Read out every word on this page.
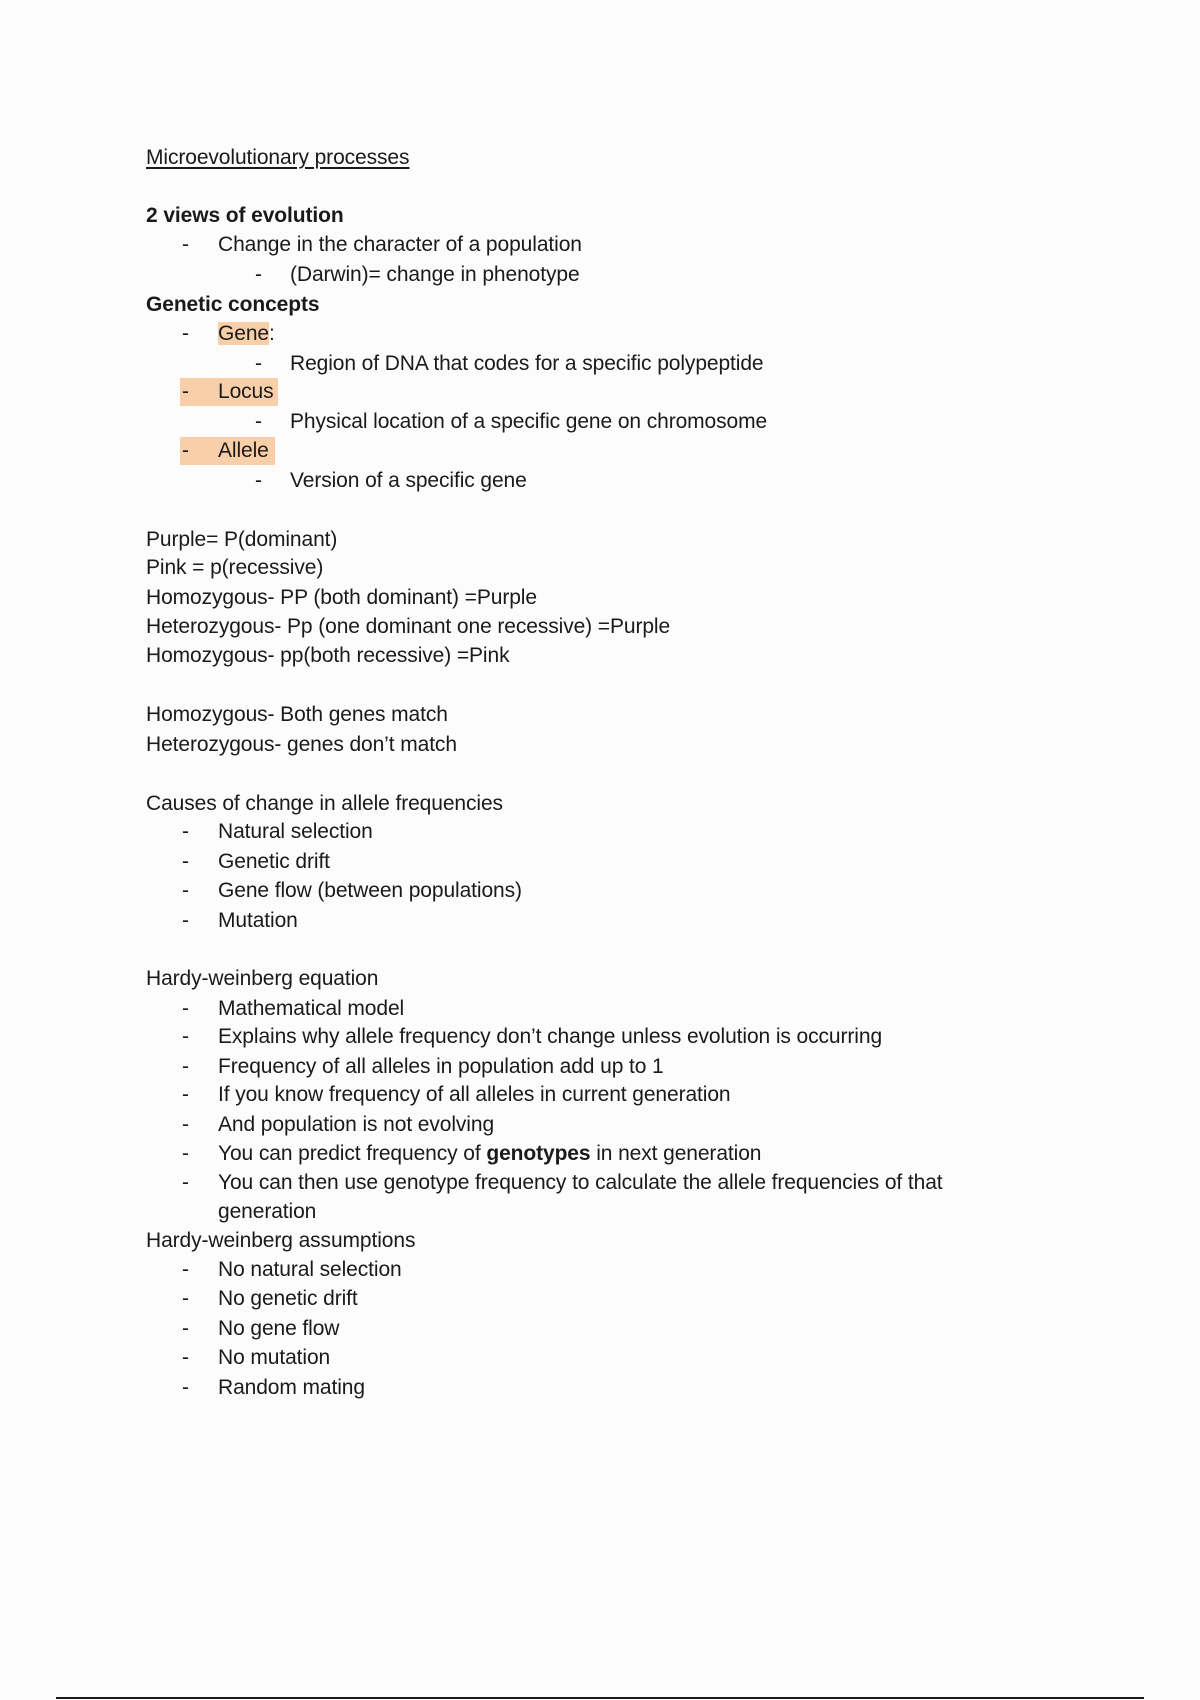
Microevolutionary processes
2 views of evolution
- Change in the character of a population
- (Darwin)= change in phenotype
Genetic concepts
- Gene:
- Region of DNA that codes for a specific polypeptide
- Locus
- Physical location of a specific gene on chromosome
- Allele
- Version of a specific gene
Purple= P(dominant)
Pink = p(recessive)
Homozygous- PP (both dominant) =Purple
Heterozygous- Pp (one dominant one recessive) =Purple
Homozygous- pp(both recessive) =Pink
Homozygous- Both genes match
Heterozygous- genes don’t match
Causes of change in allele frequencies
- Natural selection
- Genetic drift
- Gene flow (between populations)
- Mutation
Hardy-weinberg equation
- Mathematical model
- Explains why allele frequency don’t change unless evolution is occurring
- Frequency of all alleles in population add up to 1
- If you know frequency of all alleles in current generation
- And population is not evolving
- You can predict frequency of genotypes in next generation
- You can then use genotype frequency to calculate the allele frequencies of that
generation
Hardy-weinberg assumptions
- No natural selection
- No genetic drift
- No gene flow
- No mutation
- Random mating
